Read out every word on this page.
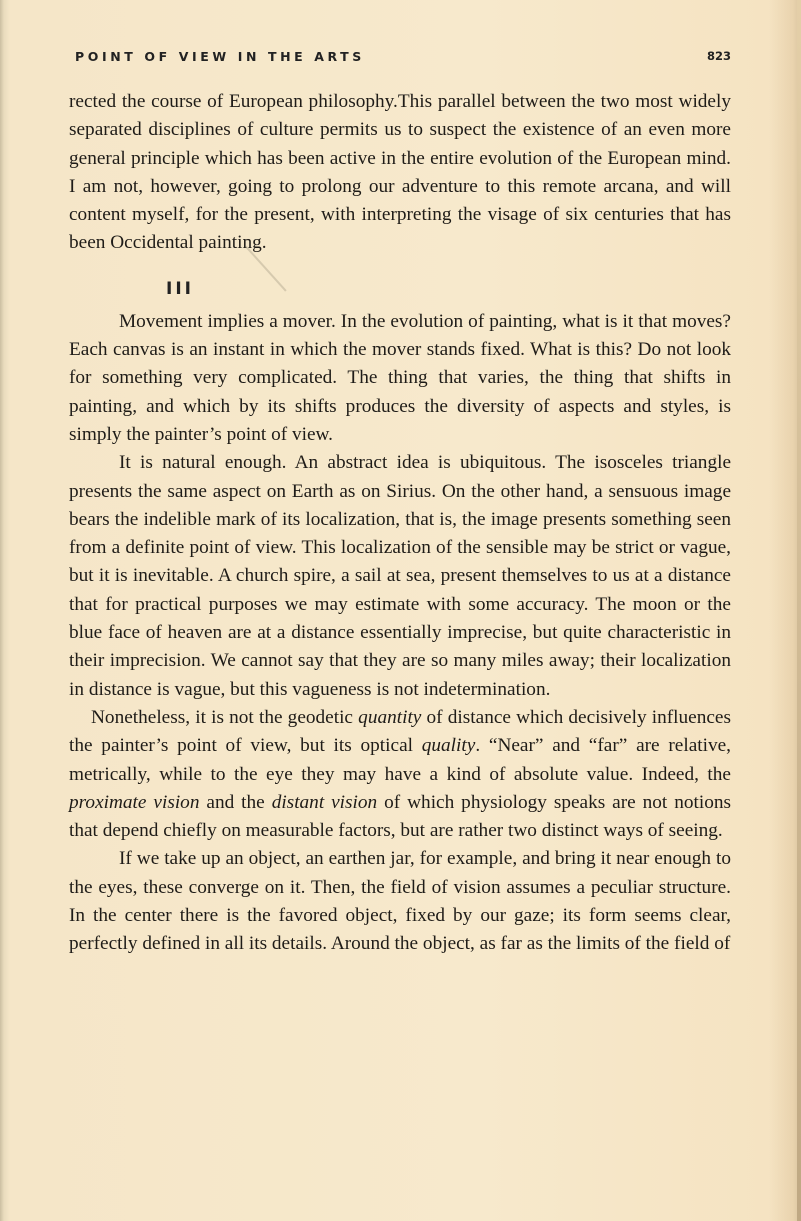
POINT OF VIEW IN THE ARTS	823

rected the course of European philosophy.This parallel between the two most widely separated disciplines of culture permits us to suspect the existence of an even more general principle which has been active in the entire evolution of the European mind. I am not, however, going to prolong our adventure to this remote arcana, and will content myself, for the present, with interpreting the visage of six centuries that has been Occidental painting.

III

Movement implies a mover. In the evolution of painting, what is it that moves? Each canvas is an instant in which the mover stands fixed. What is this? Do not look for something very complicated. The thing that varies, the thing that shifts in painting, and which by its shifts produces the diversity of aspects and styles, is simply the painter’s point of view.

It is natural enough. An abstract idea is ubiquitous. The isosceles triangle presents the same aspect on Earth as on Sirius. On the other hand, a sensuous image bears the indelible mark of its localization, that is, the image presents something seen from a definite point of view. This localization of the sensible may be strict or vague, but it is inevitable. A church spire, a sail at sea, present themselves to us at a distance that for practical purposes we may estimate with some accuracy. The moon or the blue face of heaven are at a distance essentially imprecise, but quite characteristic in their imprecision. We cannot say that they are so many miles away; their localization in distance is vague, but this vagueness is not indetermination.

Nonetheless, it is not the geodetic quantity of distance which decisively influences the painter’s point of view, but its optical quality. “Near” and “far” are relative, metrically, while to the eye they may have a kind of absolute value. Indeed, the proximate vision and the distant vision of which physiology speaks are not notions that depend chiefly on measurable factors, but are rather two distinct ways of seeing.

If we take up an object, an earthen jar, for example, and bring it near enough to the eyes, these converge on it. Then, the field of vision assumes a peculiar structure. In the center there is the favored object, fixed by our gaze; its form seems clear, perfectly defined in all its details. Around the object, as far as the limits of the field of
